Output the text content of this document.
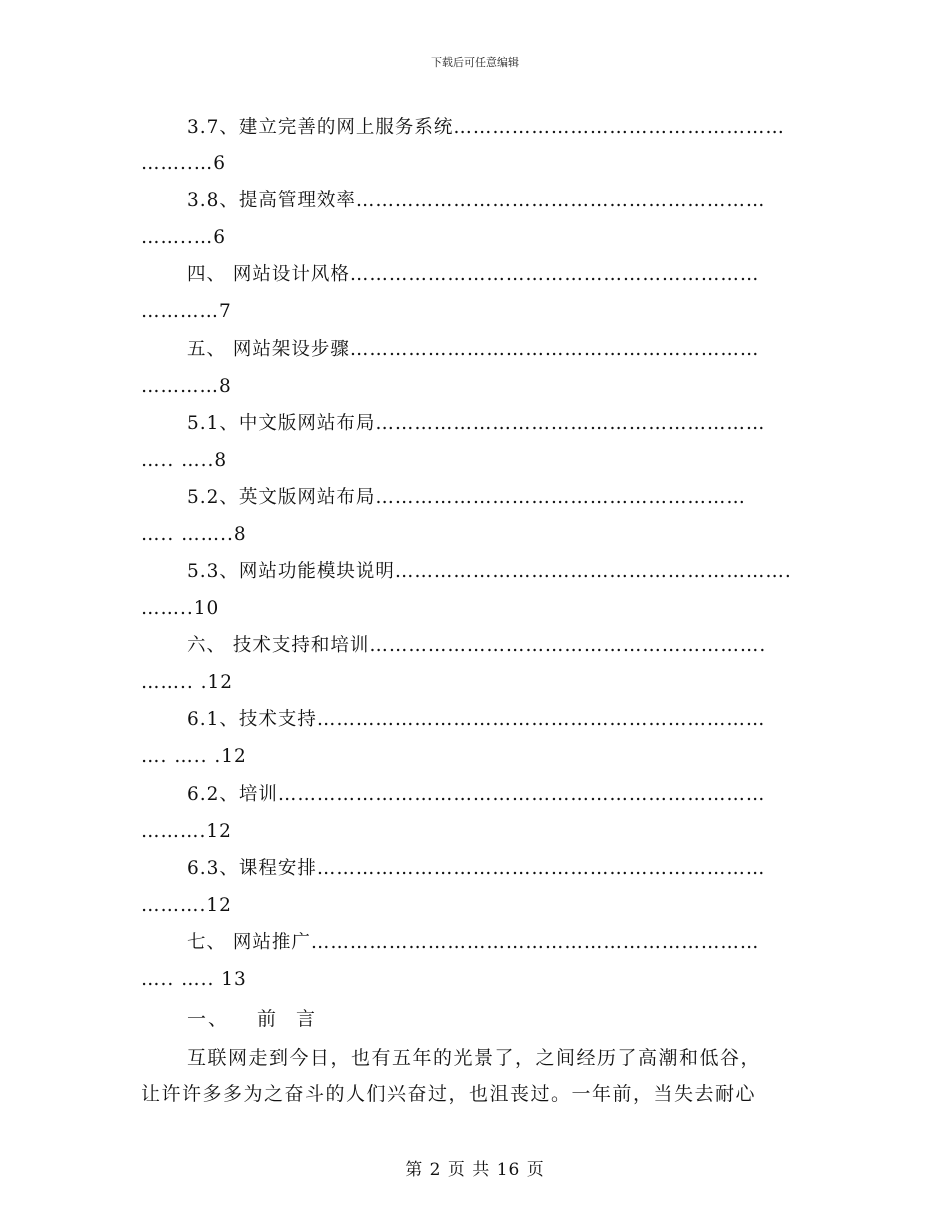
下载后可任意编辑
3.7、建立完善的网上服务系统……………………………………………
……..…6
3.8、提高管理效率………………………………………………………
……..…6
四、 网站设计风格………………………………………………………
…………7
五、 网站架设步骤………………………………………………………
…………8
5.1、中文版网站布局……………………………………………………
….. …..8
5.2、英文版网站布局…………………………………………………
….. ……..8
5.3、网站功能模块说明…………………………………………………….
……..10
六、 技术支持和培训…………………………………………………….
…….. .12
6.1、技术支持……………………………………………………………
…. ….. .12
6.2、培训…………………………………………………………………
……….12
6.3、课程安排……………………………………………………………
……….12
七、 网站推广……………………………………………………………
….. ….. 13
一、 前 言
互联网走到今日，也有五年的光景了，之间经历了高潮和低谷，
让许许多多为之奋斗的人们兴奋过，也沮丧过。一年前，当失去耐心
第 2 页 共 16 页
